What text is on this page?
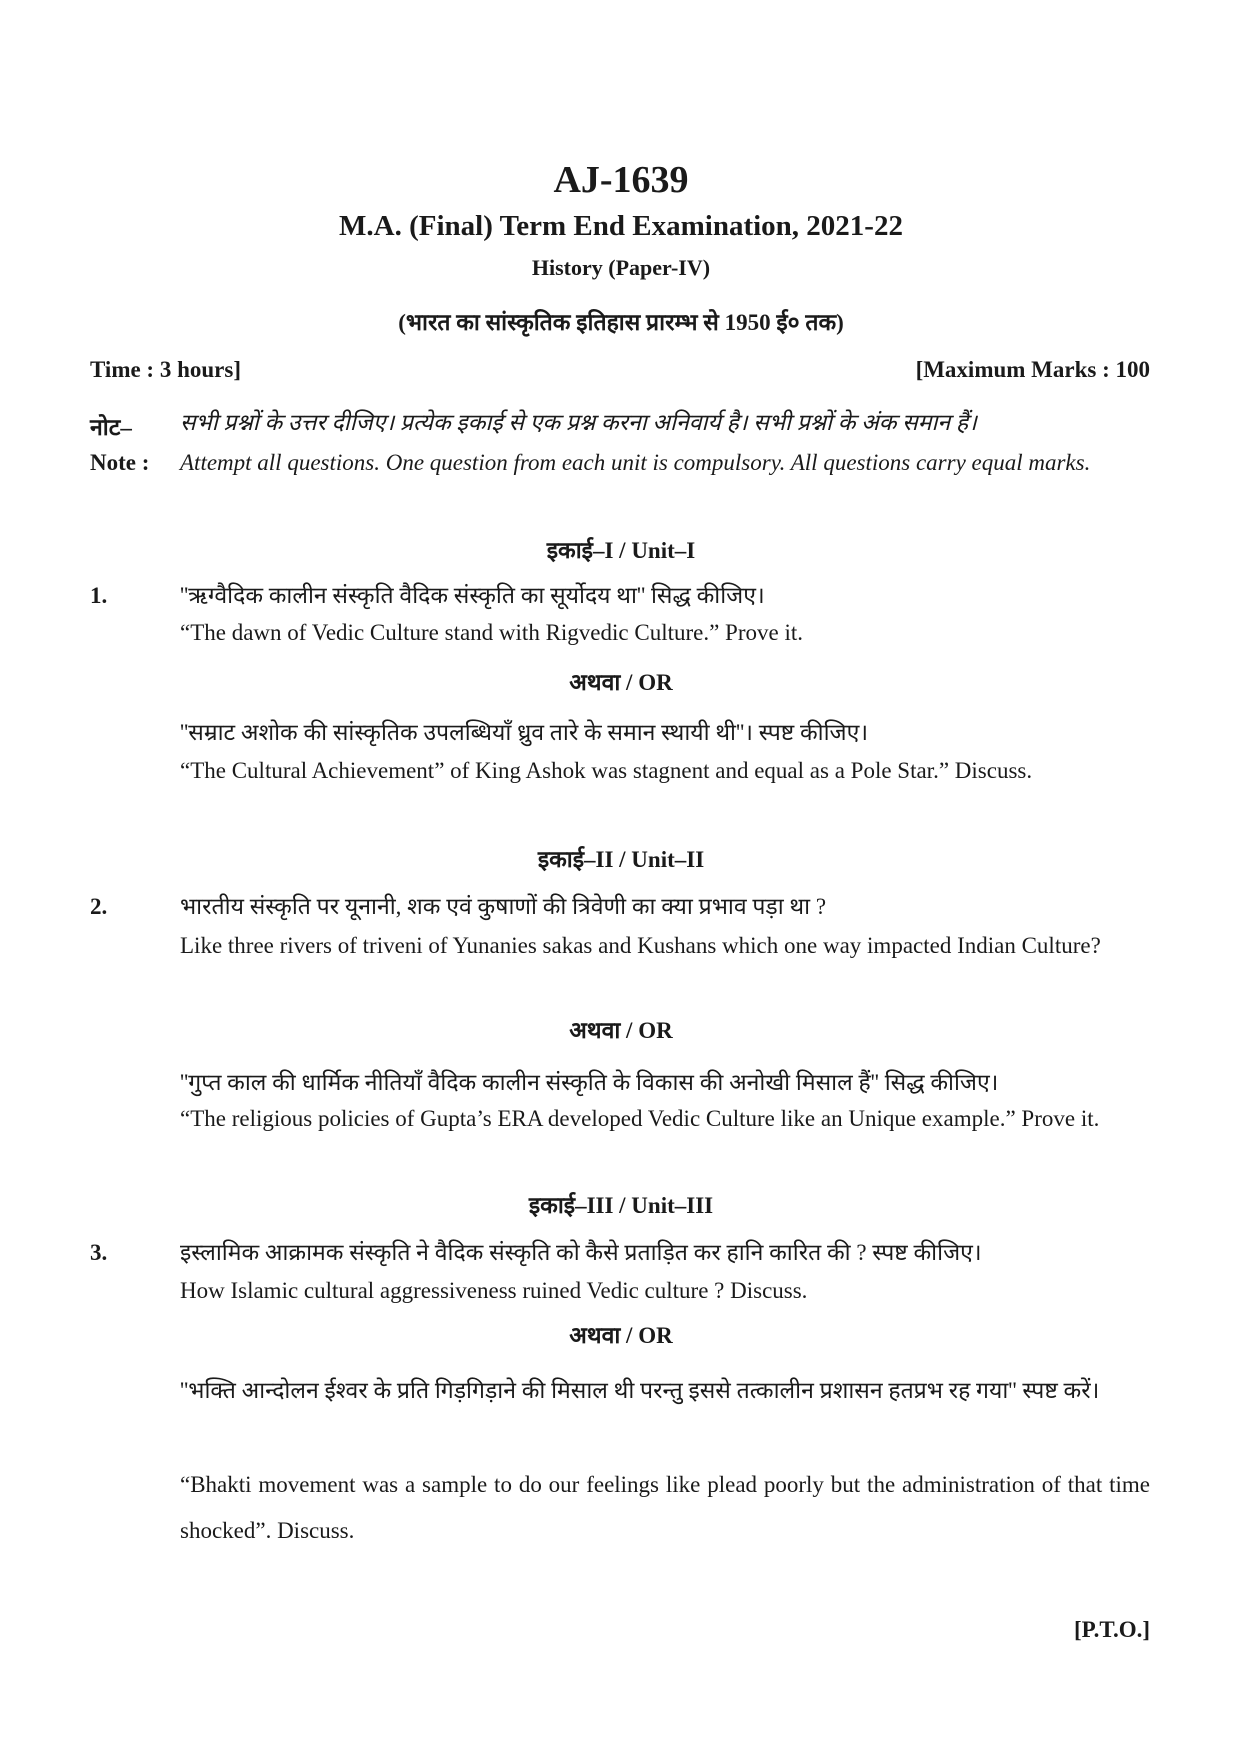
AJ-1639
M.A. (Final) Term End Examination, 2021-22
History (Paper-IV)
(भारत का सांस्कृतिक इतिहास प्रारम्भ से 1950 ई० तक)
Time : 3 hours]	[Maximum Marks : 100
नोट– सभी प्रश्नों के उत्तर दीजिए। प्रत्येक इकाई से एक प्रश्न करना अनिवार्य है। सभी प्रश्नों के अंक समान हैं।
Note : Attempt all questions. One question from each unit is compulsory. All questions carry equal marks.
इकाई–I / Unit–I
1.	''ऋग्वैदिक कालीन संस्कृति वैदिक संस्कृति का सूर्योदय था'' सिद्ध कीजिए।
“The dawn of Vedic Culture stand with Rigvedic Culture.” Prove it.
अथवा / OR
''सम्राट अशोक की सांस्कृतिक उपलब्धियाँ ध्रुव तारे के समान स्थायी थी''। स्पष्ट कीजिए।
“The Cultural Achievement” of King Ashok was stagnent and equal as a Pole Star.” Discuss.
इकाई–II / Unit–II
2.	भारतीय संस्कृति पर यूनानी, शक एवं कुषाणों की त्रिवेणी का क्या प्रभाव पड़ा था ?
Like three rivers of triveni of Yunanies sakas and Kushans which one way impacted Indian Culture?
अथवा / OR
''गुप्त काल की धार्मिक नीतियाँ वैदिक कालीन संस्कृति के विकास की अनोखी मिसाल हैं'' सिद्ध कीजिए।
“The religious policies of Gupta’s ERA developed Vedic Culture like an Unique example.” Prove it.
इकाई–III / Unit–III
3.	इस्लामिक आक्रामक संस्कृति ने वैदिक संस्कृति को कैसे प्रताड़ित कर हानि कारित की ? स्पष्ट कीजिए।
How Islamic cultural aggressiveness ruined Vedic culture ? Discuss.
अथवा / OR
''भक्ति आन्दोलन ईश्वर के प्रति गिड़गिड़ाने की मिसाल थी परन्तु इससे तत्कालीन प्रशासन हतप्रभ रह गया'' स्पष्ट करें।
“Bhakti movement was a sample to do our feelings like plead poorly but the administration of that time shocked”. Discuss.
[P.T.O.]
